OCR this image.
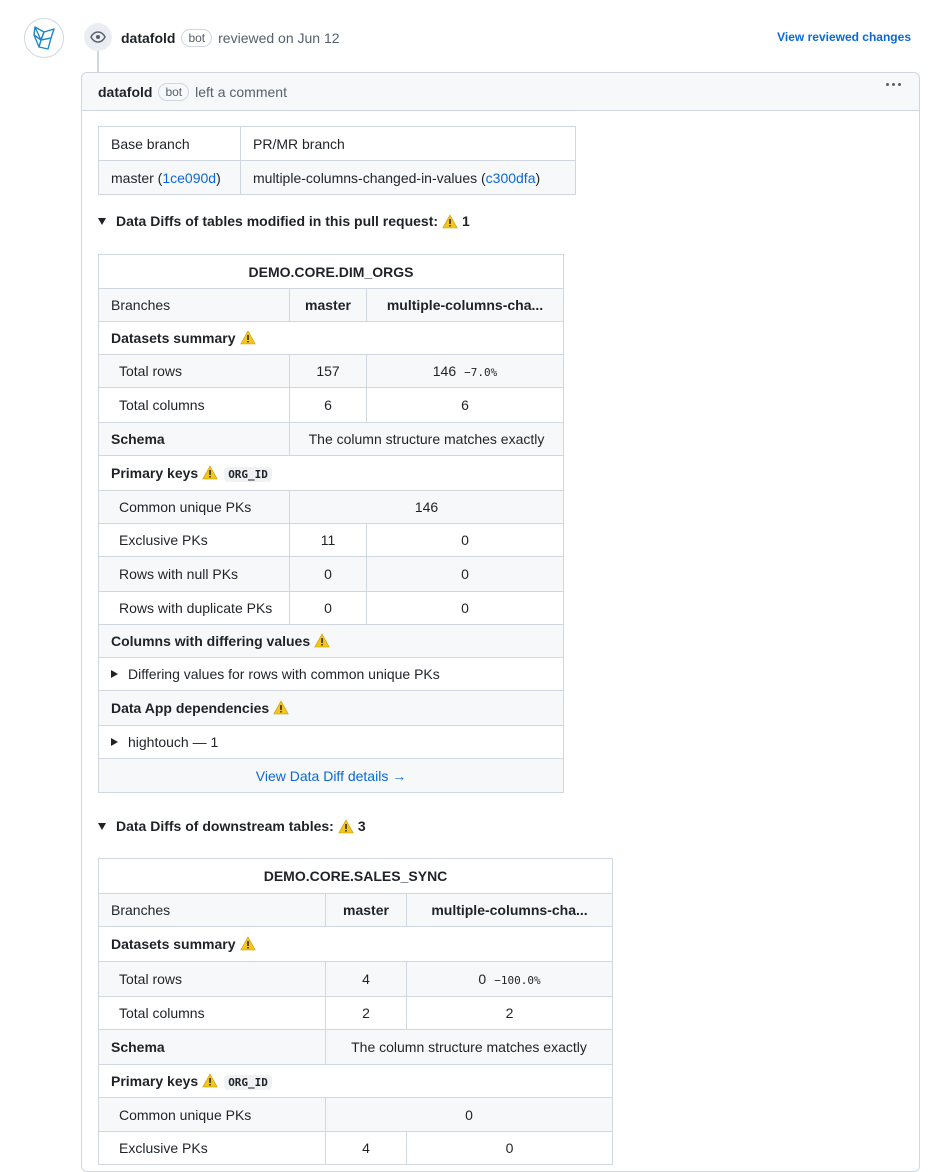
datafold	bot reviewed on Jun 12	View reviewed changes
datafold	bot left a comment
Base branch	PR/MR branch
master (1ce090d)	multiple-columns-changed-in-values (c300dfa)
Data Diffs of tables modified in this pull request: 1
DEMO.CORE.DIM_ORGS		
Branches	master	multiple-columns-cha...
Datasets summary		
Total rows	157	146 −7.0%
Total columns	6	6
Schema	The column structure matches exactly	
Primary keys ORG_ID		
Common unique PKs	146	
Exclusive PKs	11	0
Rows with null PKs	0	0
Rows with duplicate PKs	0	0
Columns with differing values		
Differing values for rows with common unique PKs		
Data App dependencies		
hightouch — 1		
View Data Diff details →		
Data Diffs of downstream tables: 3
DEMO.CORE.SALES_SYNC		
Branches	master	multiple-columns-cha...
Datasets summary		
Total rows	4	0 −100.0%
Total columns	2	2
Schema	The column structure matches exactly	
Primary keys ORG_ID		
Common unique PKs	0	
Exclusive PKs	4	0
